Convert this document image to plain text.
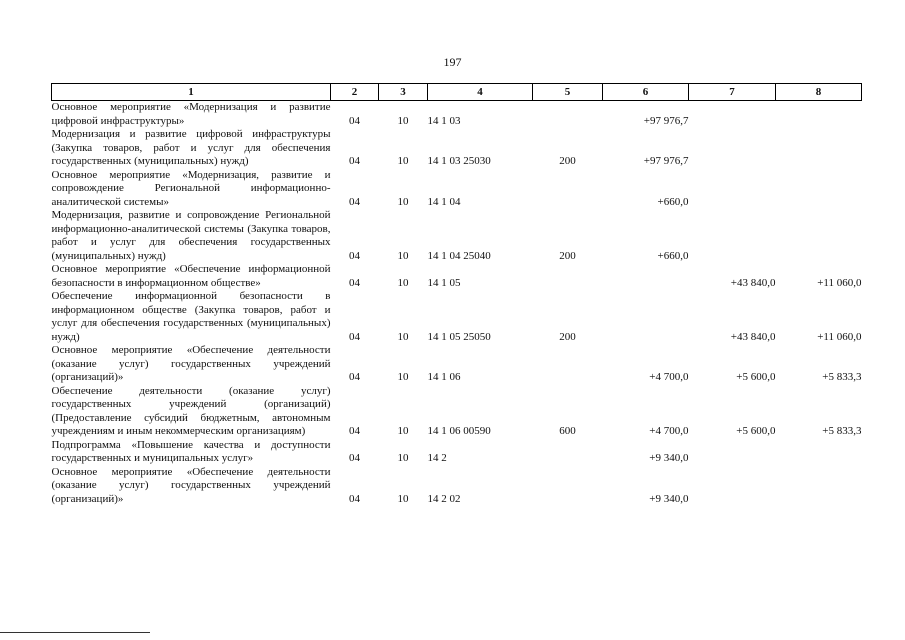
197
1	2	3	4	5	6	7	8
Основное мероприятие «Модернизация и развитие цифровой инфраструктуры»	04	10	14 1 03		+97 976,7		
Модернизация и развитие цифровой инфраструктуры (Закупка товаров, работ и услуг для обеспечения государственных (муниципальных) нужд)	04	10	14 1 03 25030	200	+97 976,7		
Основное мероприятие «Модернизация, развитие и сопровождение Региональной информационно-аналитической системы»	04	10	14 1 04		+660,0		
Модернизация, развитие и сопровождение Региональной информационно-аналитической системы (Закупка товаров, работ и услуг для обеспечения государственных (муниципальных) нужд)	04	10	14 1 04 25040	200	+660,0		
Основное мероприятие «Обеспечение информационной безопасности в информационном обществе»	04	10	14 1 05			+43 840,0	+11 060,0
Обеспечение информационной безопасности в информационном обществе (Закупка товаров, работ и услуг для обеспечения государственных (муниципальных) нужд)	04	10	14 1 05 25050	200		+43 840,0	+11 060,0
Основное мероприятие «Обеспечение деятельности (оказание услуг) государственных учреждений (организаций)»	04	10	14 1 06		+4 700,0	+5 600,0	+5 833,3
Обеспечение деятельности (оказание услуг) государственных учреждений (организаций) (Предоставление субсидий бюджетным, автономным учреждениям и иным некоммерческим организациям)	04	10	14 1 06 00590	600	+4 700,0	+5 600,0	+5 833,3
Подпрограмма «Повышение качества и доступности государственных и муниципальных услуг»	04	10	14 2		+9 340,0		
Основное мероприятие «Обеспечение деятельности (оказание услуг) государственных учреждений (организаций)»	04	10	14 2 02		+9 340,0		
